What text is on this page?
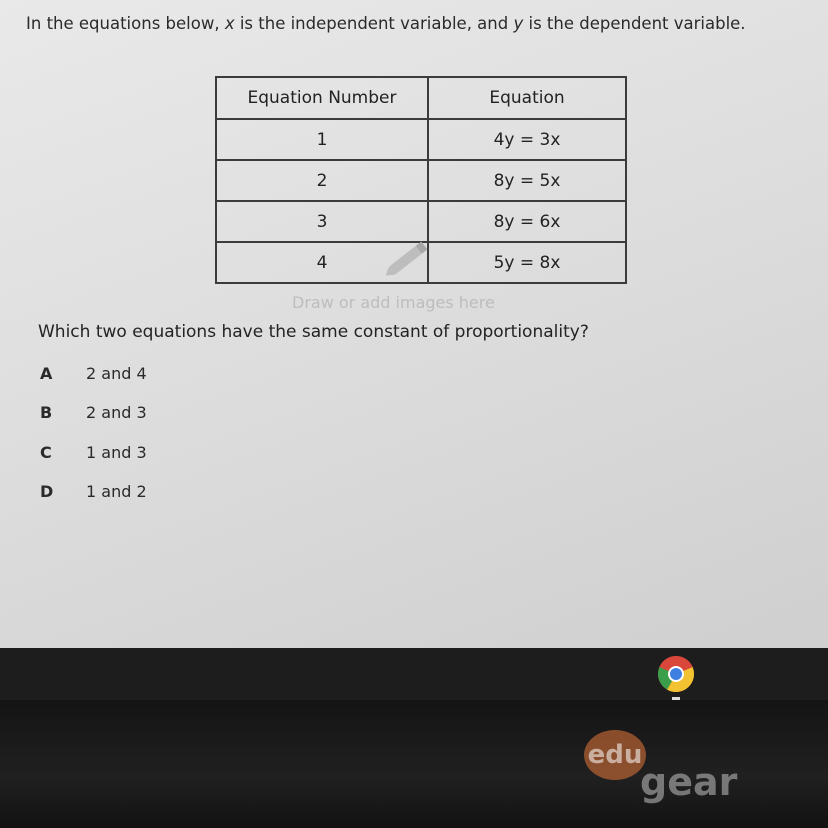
In the equations below, x is the independent variable, and y is the dependent variable.
Equation Number	Equation
1	4y = 3x
2	8y = 5x
3	8y = 6x
4	5y = 8x
Draw or add images here
Which two equations have the same constant of proportionality?
A 2 and 4
B 2 and 3
C 1 and 3
D 1 and 2
edu
gear
